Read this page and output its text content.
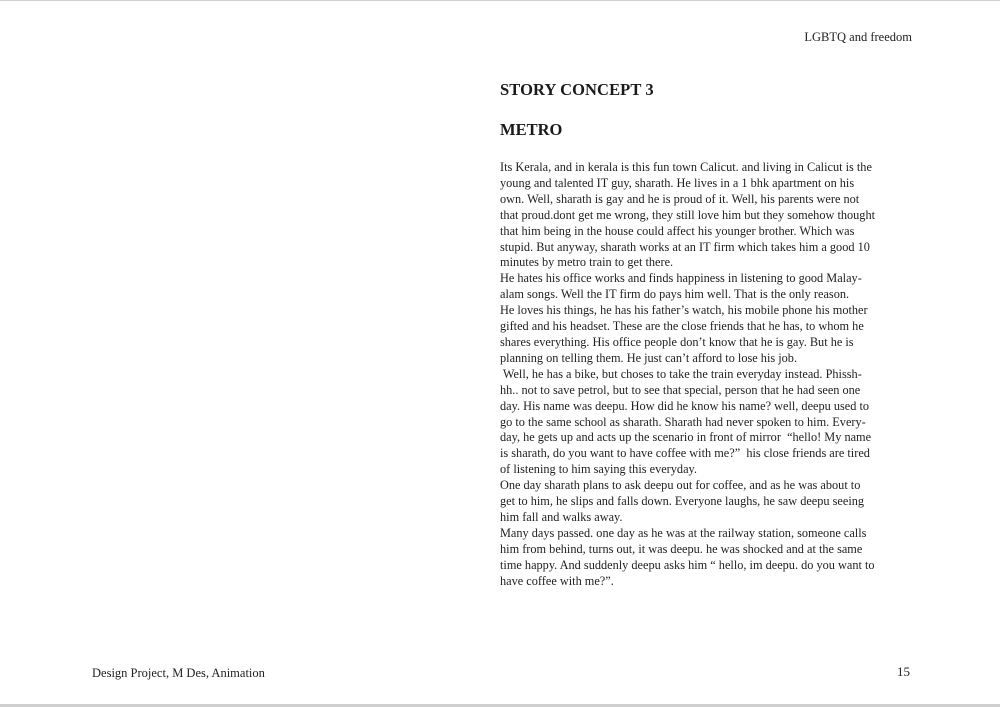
LGBTQ and freedom
STORY CONCEPT 3
METRO

Its Kerala, and in kerala is this fun town Calicut. and living in Calicut is the

young and talented IT guy, sharath. He lives in a 1 bhk apartment on his

own. Well, sharath is gay and he is proud of it. Well, his parents were not

that proud.dont get me wrong, they still love him but they somehow thought

that him being in the house could affect his younger brother. Which was

stupid. But anyway, sharath works at an IT firm which takes him a good 10

minutes by metro train to get there.

He hates his office works and finds happiness in listening to good Malay-

alam songs. Well the IT firm do pays him well. That is the only reason.

He loves his things, he has his father’s watch, his mobile phone his mother

gifted and his headset. These are the close friends that he has, to whom he

shares everything. His office people don’t know that he is gay. But he is

planning on telling them. He just can’t afford to lose his job.

Well, he has a bike, but choses to take the train everyday instead. Phissh-

hh.. not to save petrol, but to see that special, person that he had seen one

day. His name was deepu. How did he know his name? well, deepu used to

go to the same school as sharath. Sharath had never spoken to him. Every-

day, he gets up and acts up the scenario in front of mirror  “hello! My name

is sharath, do you want to have coffee with me?”  his close friends are tired

of listening to him saying this everyday.

One day sharath plans to ask deepu out for coffee, and as he was about to

get to him, he slips and falls down. Everyone laughs, he saw deepu seeing

him fall and walks away.

Many days passed. one day as he was at the railway station, someone calls

him from behind, turns out, it was deepu. he was shocked and at the same

time happy. And suddenly deepu asks him “ hello, im deepu. do you want to

have coffee with me?”.

Design Project, M Des, Animation	15
